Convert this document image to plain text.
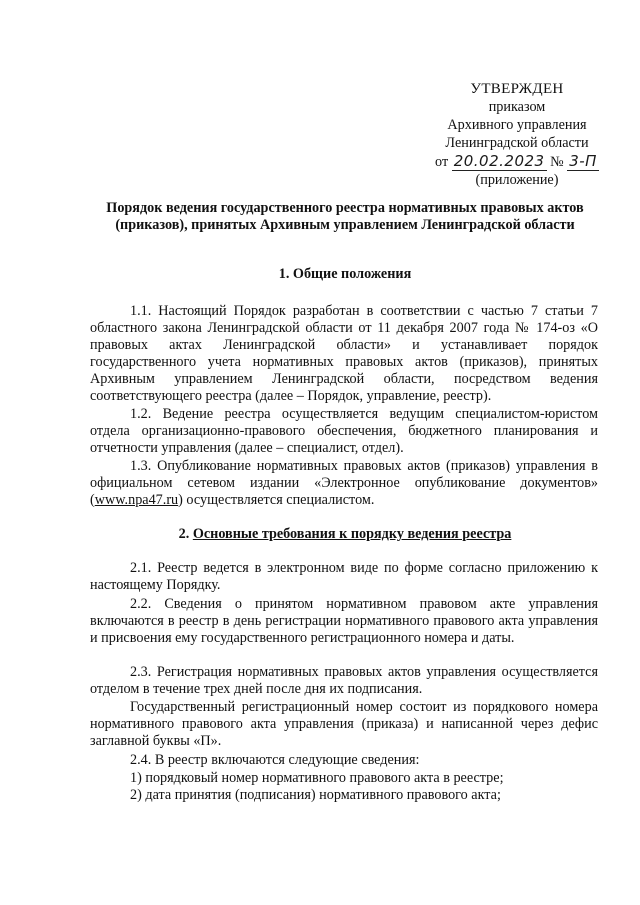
УТВЕРЖДЕН
приказом
Архивного управления
Ленинградской области
от 20.02.2023 № 3-П
(приложение)
Порядок ведения государственного реестра нормативных правовых актов (приказов), принятых Архивным управлением Ленинградской области
1. Общие положения

1.1. Настоящий Порядок разработан в соответствии с частью 7 статьи 7 областного закона Ленинградской области от 11 декабря 2007 года № 174-оз «О правовых актах Ленинградской области» и устанавливает порядок государственного учета нормативных правовых актов (приказов), принятых Архивным управлением Ленинградской области, посредством ведения соответствующего реестра (далее – Порядок, управление, реестр).

1.2. Ведение реестра осуществляется ведущим специалистом-юристом отдела организационно-правового обеспечения, бюджетного планирования и отчетности управления (далее – специалист, отдел).

1.3. Опубликование нормативных правовых актов (приказов) управления в официальном сетевом издании «Электронное опубликование документов» (www.npa47.ru) осуществляется специалистом.

2. Основные требования к порядку ведения реестра

2.1. Реестр ведется в электронном виде по форме согласно приложению к настоящему Порядку.

2.2. Сведения о принятом нормативном правовом акте управления включаются в реестр в день регистрации нормативного правового акта управления и присвоения ему государственного регистрационного номера и даты.

2.3. Регистрация нормативных правовых актов управления осуществляется отделом в течение трех дней после дня их подписания.

Государственный регистрационный номер состоит из порядкового номера нормативного правового акта управления (приказа) и написанной через дефис заглавной буквы «П».

2.4. В реестр включаются следующие сведения:

1) порядковый номер нормативного правового акта в реестре;

2) дата принятия (подписания) нормативного правового акта;
